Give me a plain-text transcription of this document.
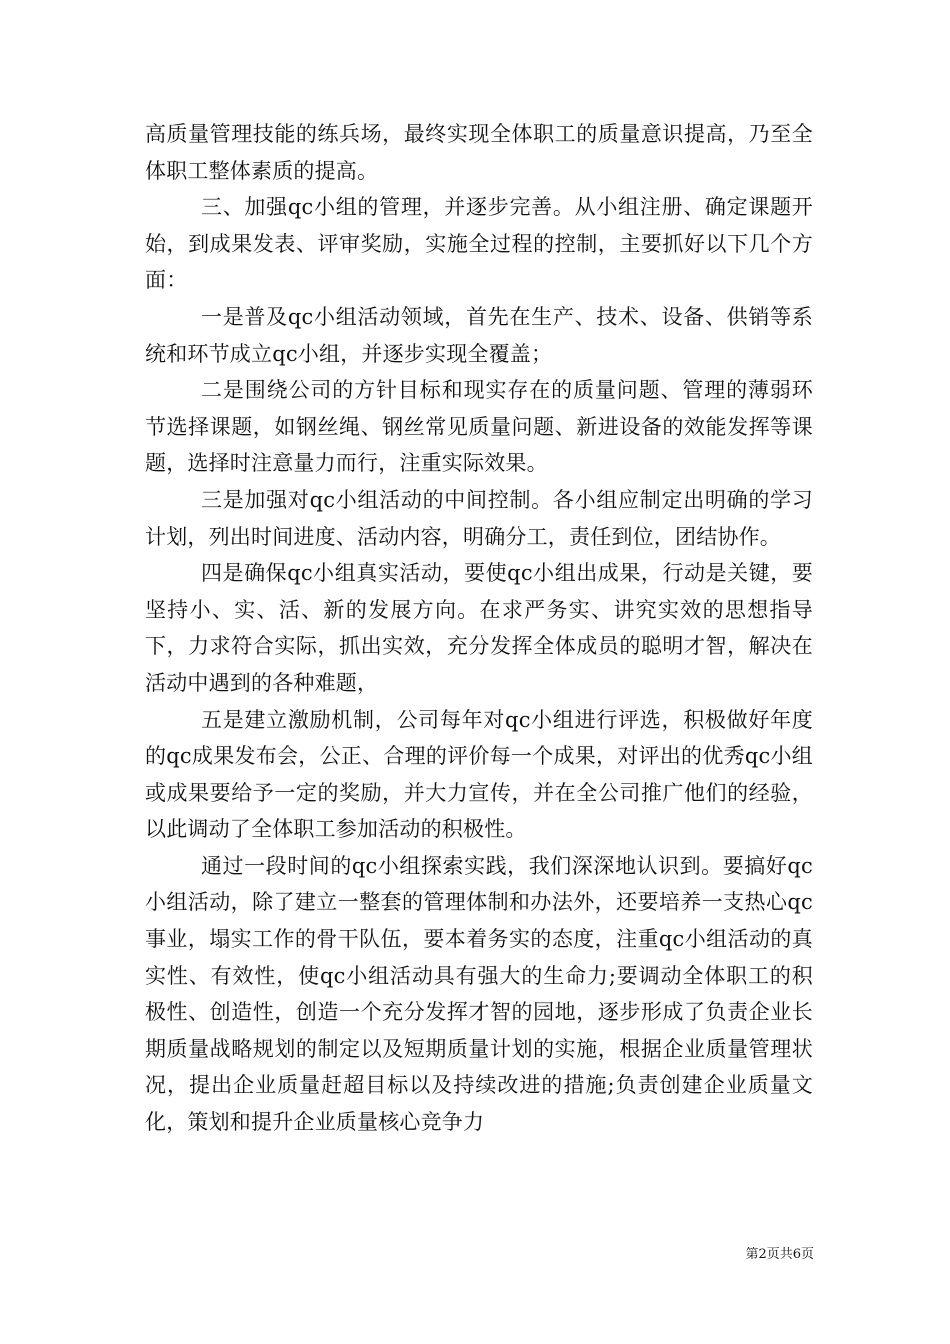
高质量管理技能的练兵场，最终实现全体职工的质量意识提高，乃至全体职工整体素质的提高。

三、加强qc小组的管理，并逐步完善。从小组注册、确定课题开始，到成果发表、评审奖励，实施全过程的控制，主要抓好以下几个方面：

一是普及qc小组活动领域，首先在生产、技术、设备、供销等系统和环节成立qc小组，并逐步实现全覆盖；

二是围绕公司的方针目标和现实存在的质量问题、管理的薄弱环节选择课题，如钢丝绳、钢丝常见质量问题、新进设备的效能发挥等课题，选择时注意量力而行，注重实际效果。

三是加强对qc小组活动的中间控制。各小组应制定出明确的学习计划，列出时间进度、活动内容，明确分工，责任到位，团结协作。

四是确保qc小组真实活动，要使qc小组出成果，行动是关键，要坚持小、实、活、新的发展方向。在求严务实、讲究实效的思想指导下，力求符合实际，抓出实效，充分发挥全体成员的聪明才智，解决在活动中遇到的各种难题，

五是建立激励机制，公司每年对qc小组进行评选，积极做好年度的qc成果发布会，公正、合理的评价每一个成果，对评出的优秀qc小组或成果要给予一定的奖励，并大力宣传，并在全公司推广他们的经验，以此调动了全体职工参加活动的积极性。

通过一段时间的qc小组探索实践，我们深深地认识到。要搞好qc小组活动，除了建立一整套的管理体制和办法外，还要培养一支热心qc事业，塌实工作的骨干队伍，要本着务实的态度，注重qc小组活动的真实性、有效性，使qc小组活动具有强大的生命力;要调动全体职工的积极性、创造性，创造一个充分发挥才智的园地，逐步形成了负责企业长期质量战略规划的制定以及短期质量计划的实施，根据企业质量管理状况，提出企业质量赶超目标以及持续改进的措施;负责创建企业质量文化，策划和提升企业质量核心竞争力

第2页共6页
